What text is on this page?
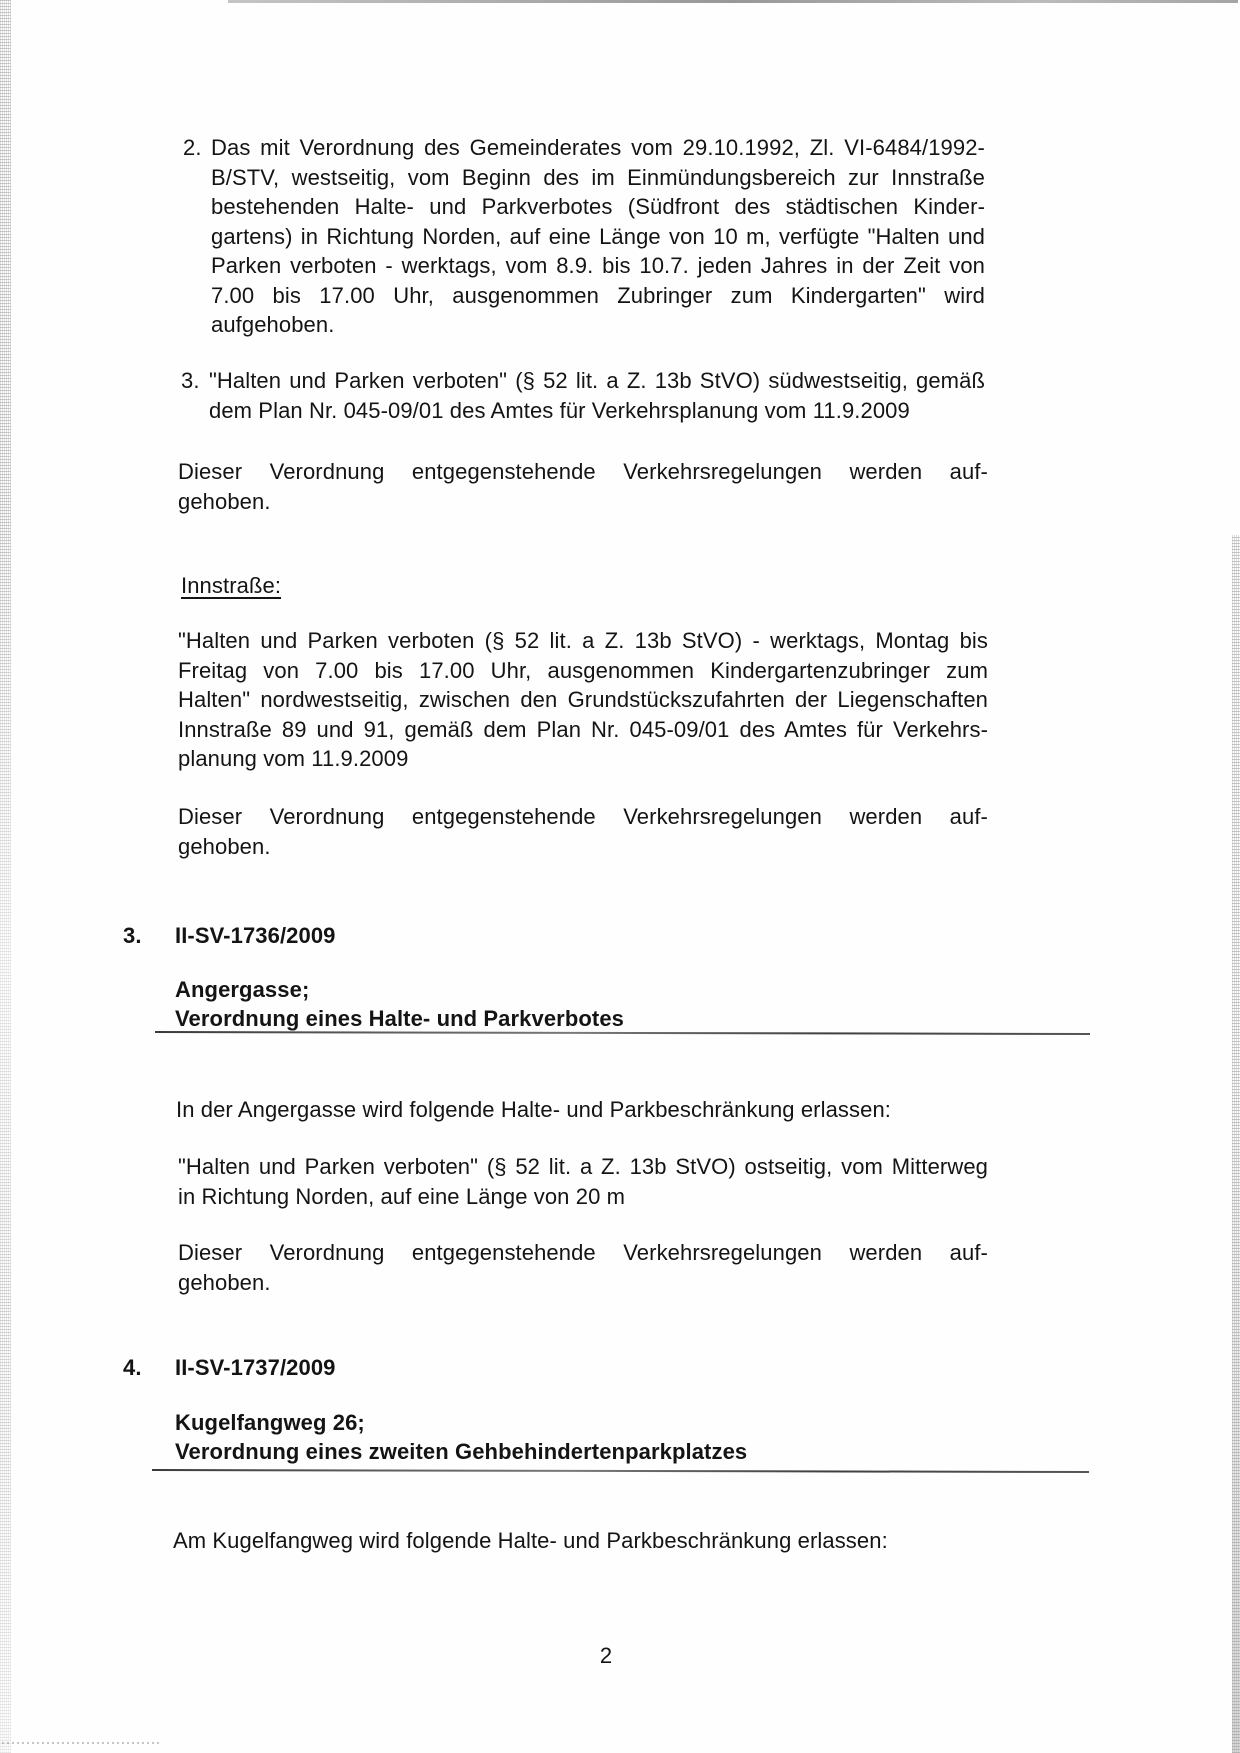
2. Das mit Verordnung des Gemeinderates vom 29.10.1992, Zl. VI-6484/1992-
B/STV, westseitig, vom Beginn des im Einmündungsbereich zur Innstraße
bestehenden Halte- und Parkverbotes (Südfront des städtischen Kinder-
gartens) in Richtung Norden, auf eine Länge von 10 m, verfügte "Halten und
Parken verboten - werktags, vom 8.9. bis 10.7. jeden Jahres in der Zeit von
7.00 bis 17.00 Uhr, ausgenommen Zubringer zum Kindergarten" wird
aufgehoben.
3. "Halten und Parken verboten" (§ 52 lit. a Z. 13b StVO) südwestseitig, gemäß
dem Plan Nr. 045-09/01 des Amtes für Verkehrsplanung vom 11.9.2009
Dieser Verordnung entgegenstehende Verkehrsregelungen werden auf-
gehoben.
Innstraße:
"Halten und Parken verboten (§ 52 lit. a Z. 13b StVO) - werktags, Montag bis
Freitag von 7.00 bis 17.00 Uhr, ausgenommen Kindergartenzubringer zum
Halten" nordwestseitig, zwischen den Grundstückszufahrten der Liegenschaften
Innstraße 89 und 91, gemäß dem Plan Nr. 045-09/01 des Amtes für Verkehrs-
planung vom 11.9.2009
Dieser Verordnung entgegenstehende Verkehrsregelungen werden auf-
gehoben.
3.	II-SV-1736/2009
Angergasse;
Verordnung eines Halte- und Parkverbotes
In der Angergasse wird folgende Halte- und Parkbeschränkung erlassen:
"Halten und Parken verboten" (§ 52 lit. a Z. 13b StVO) ostseitig, vom Mitterweg
in Richtung Norden, auf eine Länge von 20 m
Dieser Verordnung entgegenstehende Verkehrsregelungen werden auf-
gehoben.
4.	II-SV-1737/2009
Kugelfangweg 26;
Verordnung eines zweiten Gehbehindertenparkplatzes
Am Kugelfangweg wird folgende Halte- und Parkbeschränkung erlassen:
2
